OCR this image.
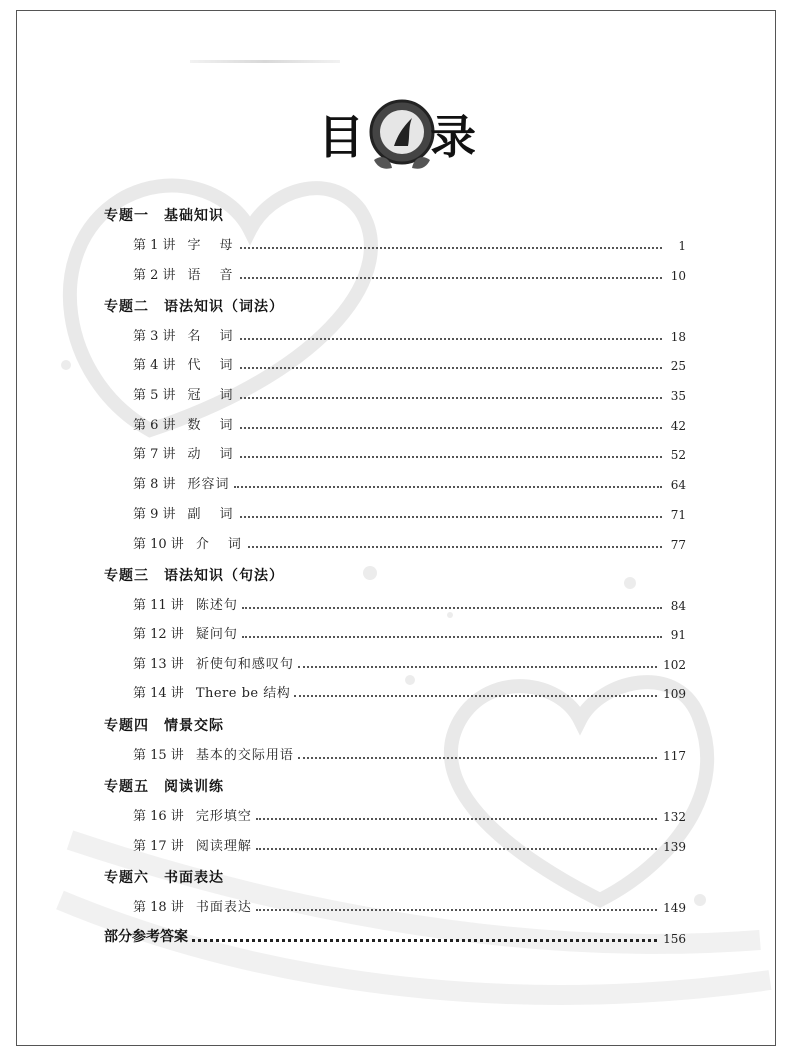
目 录
专题一　基础知识
第 1 讲 字　母	1
第 2 讲 语　音	10
专题二　语法知识（词法）
第 3 讲 名　词	18
第 4 讲 代　词	25
第 5 讲 冠　词	35
第 6 讲 数　词	42
第 7 讲 动　词	52
第 8 讲 形容词	64
第 9 讲 副　词	71
第 10 讲 介　词	77
专题三　语法知识（句法）
第 11 讲 陈述句	84
第 12 讲 疑问句	91
第 13 讲 祈使句和感叹句	102
第 14 讲 There be 结构	109
专题四　情景交际
第 15 讲 基本的交际用语	117
专题五　阅读训练
第 16 讲 完形填空	132
第 17 讲 阅读理解	139
专题六　书面表达
第 18 讲 书面表达	149
部分参考答案	156
